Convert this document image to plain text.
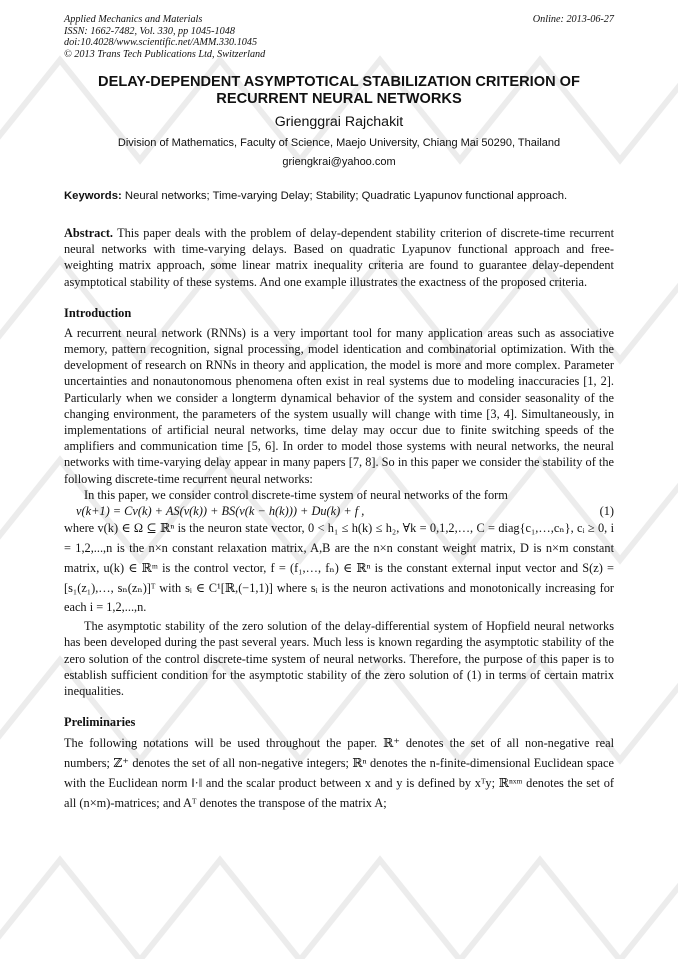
Applied Mechanics and Materials
ISSN: 1662-7482, Vol. 330, pp 1045-1048
doi:10.4028/www.scientific.net/AMM.330.1045
© 2013 Trans Tech Publications Ltd, Switzerland
Online: 2013-06-27
DELAY-DEPENDENT ASYMPTOTICAL STABILIZATION CRITERION OF
RECURRENT NEURAL NETWORKS
Grienggrai Rajchakit
Division of Mathematics, Faculty of Science, Maejo University, Chiang Mai 50290, Thailand
griengkrai@yahoo.com
Keywords: Neural networks; Time-varying Delay; Stability; Quadratic Lyapunov functional approach.

Abstract. This paper deals with the problem of delay-dependent stability criterion of discrete-time recurrent neural networks with time-varying delays. Based on quadratic Lyapunov functional approach and free-weighting matrix approach, some linear matrix inequality criteria are found to guarantee delay-dependent asymptotical stability of these systems. And one example illustrates the exactness of the proposed criteria.

Introduction

A recurrent neural network (RNNs) is a very important tool for many application areas such as associative memory, pattern recognition, signal processing, model identication and combinatorial optimization. With the development of research on RNNs in theory and application, the model is more and more complex. Parameter uncertainties and nonautonomous phenomena often exist in real systems due to modeling inaccuracies [1, 2]. Particularly when we consider a longterm dynamical behavior of the system and consider seasonality of the changing environment, the parameters of the system usually will change with time [3, 4]. Simultaneously, in implementations of artificial neural networks, time delay may occur due to finite switching speeds of the amplifiers and communication time [5, 6]. In order to model those systems with neural networks, the neural networks with time-varying delay appear in many papers [7, 8]. So in this paper we consider the stability of the following discrete-time recurrent neural networks:

In this paper, we consider control discrete-time system of neural networks of the form

v(k+1) = Cv(k) + AS(v(k)) + BS(v(k − h(k))) + Du(k) + f ,	(1)

where v(k) ∈ Ω ⊆ ℝⁿ is the neuron state vector, 0 < h₁ ≤ h(k) ≤ h₂, ∀k = 0,1,2,…, C = diag{c₁,…,cₙ}, cᵢ ≥ 0, i = 1,2,...,n is the n×n constant relaxation matrix, A,B are the n×n constant weight matrix, D is n×m constant matrix, u(k) ∈ ℝᵐ is the control vector, f = (f₁,…, fₙ) ∈ ℝⁿ is the constant external input vector and S(z) = [s₁(z₁),…, sₙ(zₙ)]ᵀ with sᵢ ∈ C¹[ℝ,(−1,1)] where sᵢ is the neuron activations and monotonically increasing for each i = 1,2,...,n.

The asymptotic stability of the zero solution of the delay-differential system of Hopfield neural networks has been developed during the past several years. Much less is known regarding the asymptotic stability of the zero solution of the control discrete-time system of neural networks. Therefore, the purpose of this paper is to establish sufficient condition for the asymptotic stability of the zero solution of (1) in terms of certain matrix inequalities.

Preliminaries

The following notations will be used throughout the paper. ℝ⁺ denotes the set of all non-negative real numbers; ℤ⁺ denotes the set of all non-negative integers; ℝⁿ denotes the n-finite-dimensional Euclidean space with the Euclidean norm ‖·‖ and the scalar product between x and y is defined by xᵀy; ℝⁿˣᵐ denotes the set of all (n×m)-matrices; and Aᵀ denotes the transpose of the matrix A;
